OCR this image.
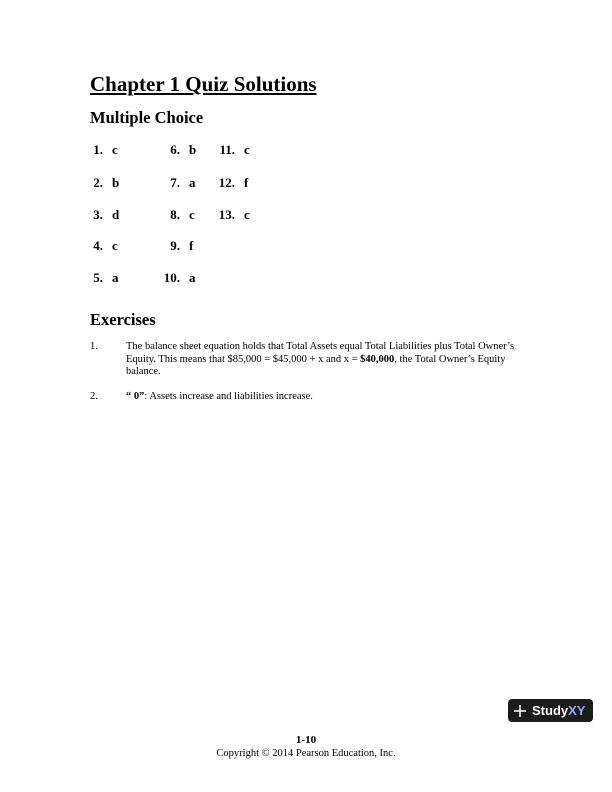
Chapter 1 Quiz Solutions
Multiple Choice
1. c
2. b
3. d
4. c
5. a
6. b
7. a
8. c
9. f
10. a
11. c
12. f
13. c
Exercises
1.	The balance sheet equation holds that Total Assets equal Total Liabilities plus Total Owner’s Equity. This means that $85,000 = $45,000 + x and x = $40,000, the Total Owner’s Equity balance.
2.	“ 0”: Assets increase and liabilities increase.
Study XY
1-10
Copyright © 2014 Pearson Education, Inc.
